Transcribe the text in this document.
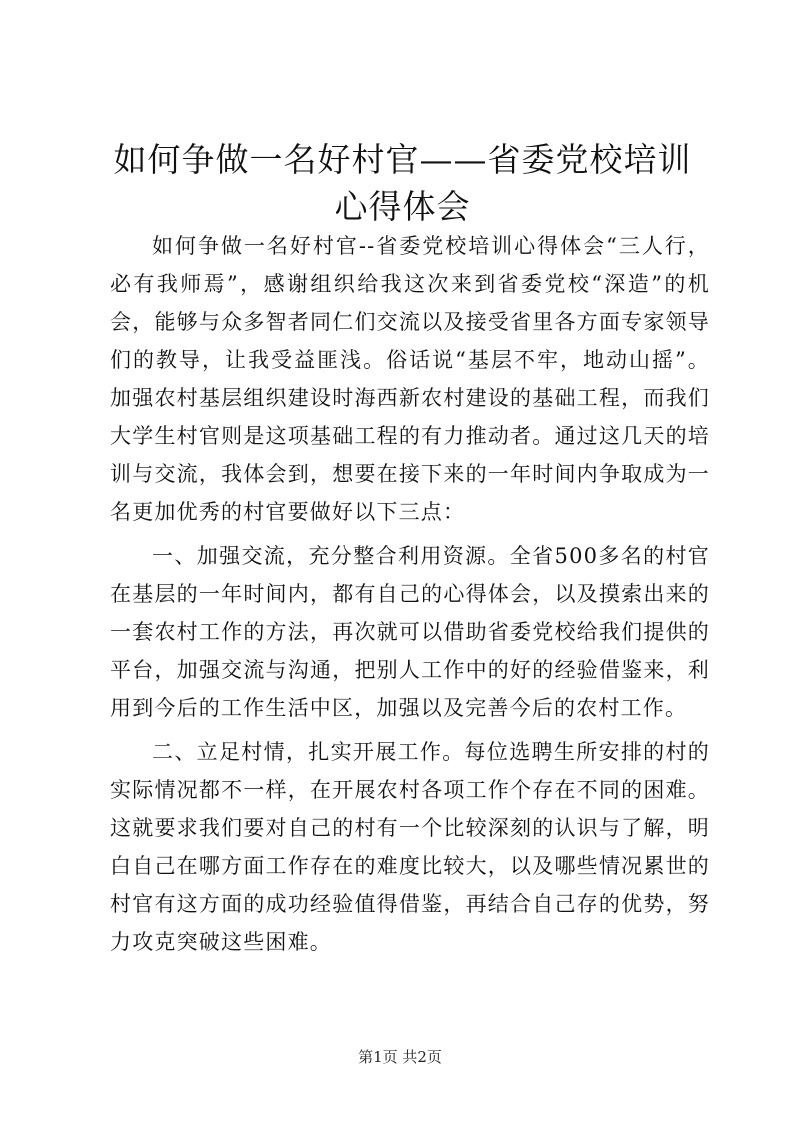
如何争做一名好村官——省委党校培训心得体会

如何争做一名好村官--省委党校培训心得体会“三人行，必有我师焉”，感谢组织给我这次来到省委党校“深造”的机会，能够与众多智者同仁们交流以及接受省里各方面专家领导们的教导，让我受益匪浅。俗话说“基层不牢，地动山摇”。加强农村基层组织建设时海西新农村建设的基础工程，而我们大学生村官则是这项基础工程的有力推动者。通过这几天的培训与交流，我体会到，想要在接下来的一年时间内争取成为一名更加优秀的村官要做好以下三点：

一、加强交流，充分整合利用资源。全省500多名的村官在基层的一年时间内，都有自己的心得体会，以及摸索出来的一套农村工作的方法，再次就可以借助省委党校给我们提供的平台，加强交流与沟通，把别人工作中的好的经验借鉴来，利用到今后的工作生活中区，加强以及完善今后的农村工作。

二、立足村情，扎实开展工作。每位选聘生所安排的村的实际情况都不一样，在开展农村各项工作个存在不同的困难。这就要求我们要对自己的村有一个比较深刻的认识与了解，明白自己在哪方面工作存在的难度比较大，以及哪些情况累世的村官有这方面的成功经验值得借鉴，再结合自己存的优势，努力攻克突破这些困难。

第1页 共2页
